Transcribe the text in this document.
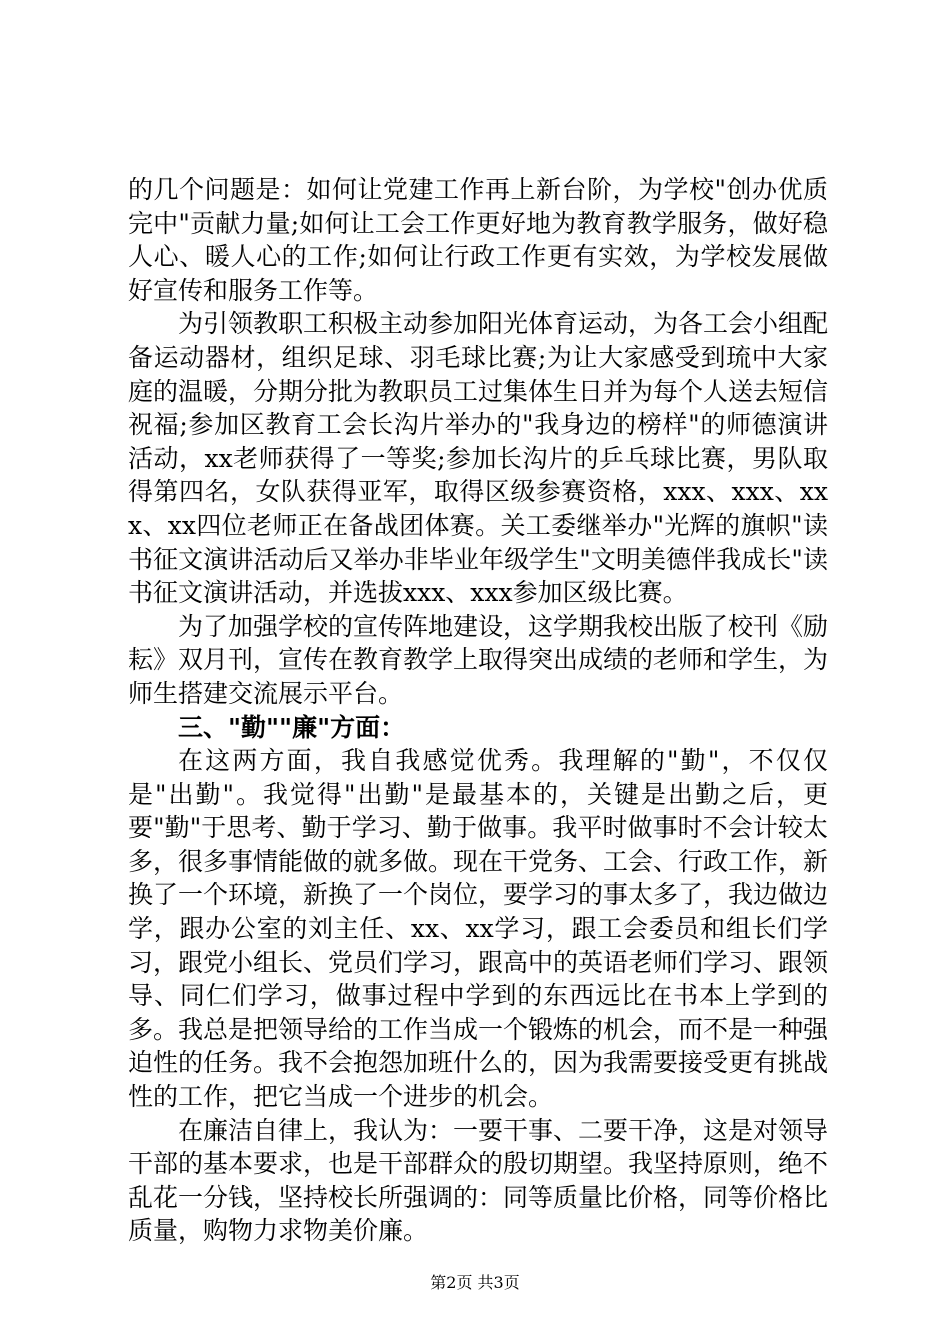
的几个问题是：如何让党建工作再上新台阶，为学校"创办优质完中"贡献力量;如何让工会工作更好地为教育教学服务，做好稳人心、暖人心的工作;如何让行政工作更有实效，为学校发展做好宣传和服务工作等。

为引领教职工积极主动参加阳光体育运动，为各工会小组配备运动器材，组织足球、羽毛球比赛;为让大家感受到琉中大家庭的温暖，分期分批为教职员工过集体生日并为每个人送去短信祝福;参加区教育工会长沟片举办的"我身边的榜样"的师德演讲活动，xx老师获得了一等奖;参加长沟片的乒乓球比赛，男队取得第四名，女队获得亚军，取得区级参赛资格，xxx、xxx、xxx、xx四位老师正在备战团体赛。关工委继举办"光辉的旗帜"读书征文演讲活动后又举办非毕业年级学生"文明美德伴我成长"读书征文演讲活动，并选拔xxx、xxx参加区级比赛。

为了加强学校的宣传阵地建设，这学期我校出版了校刊《励耘》双月刊，宣传在教育教学上取得突出成绩的老师和学生，为师生搭建交流展示平台。

三、"勤""廉"方面：

在这两方面，我自我感觉优秀。我理解的"勤"，不仅仅是"出勤"。我觉得"出勤"是最基本的，关键是出勤之后，更要"勤"于思考、勤于学习、勤于做事。我平时做事时不会计较太多，很多事情能做的就多做。现在干党务、工会、行政工作，新换了一个环境，新换了一个岗位，要学习的事太多了，我边做边学，跟办公室的刘主任、xx、xx学习，跟工会委员和组长们学习，跟党小组长、党员们学习，跟高中的英语老师们学习、跟领导、同仁们学习，做事过程中学到的东西远比在书本上学到的多。我总是把领导给的工作当成一个锻炼的机会，而不是一种强迫性的任务。我不会抱怨加班什么的，因为我需要接受更有挑战性的工作，把它当成一个进步的机会。

在廉洁自律上，我认为：一要干事、二要干净，这是对领导干部的基本要求，也是干部群众的殷切期望。我坚持原则，绝不乱花一分钱，坚持校长所强调的：同等质量比价格，同等价格比质量，购物力求物美价廉。

第2页 共3页
